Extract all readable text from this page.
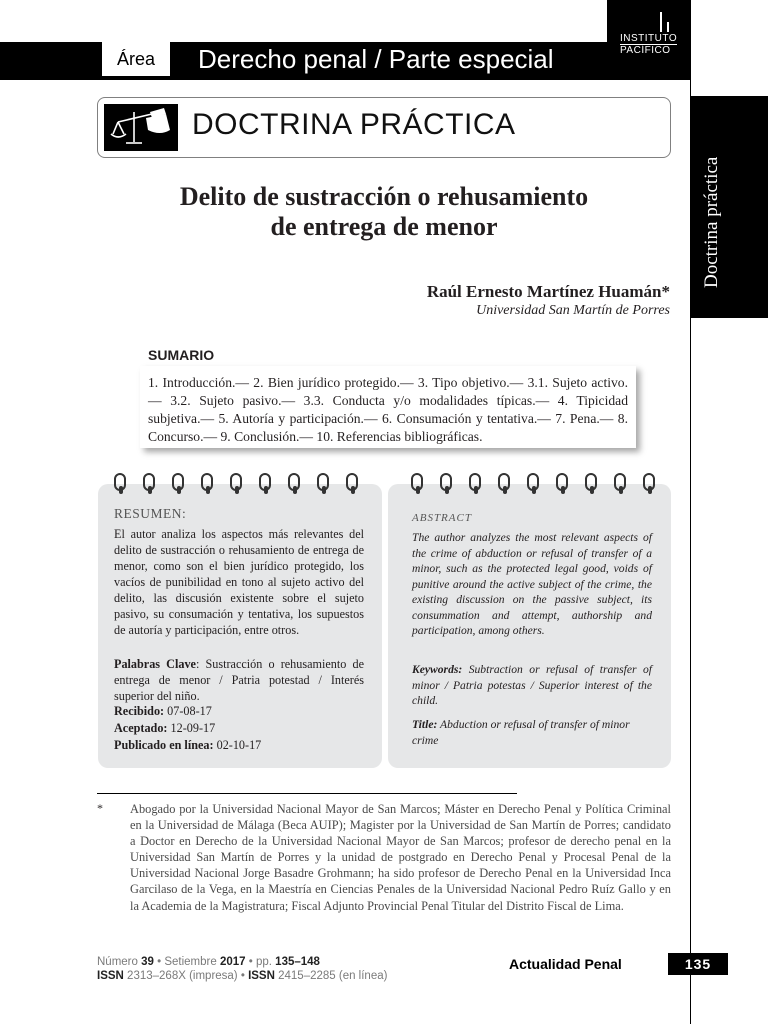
Área	Derecho penal / Parte especial
INSTITUTO
PACÍFICO
Doctrina práctica
DOCTRINA PRÁCTICA
Delito de sustracción o rehusamiento
de entrega de menor
Raúl Ernesto Martínez Huamán*
Universidad San Martín de Porres
SUMARIO
1. Introducción.— 2. Bien jurídico protegido.— 3. Tipo objetivo.— 3.1. Sujeto activo.— 3.2. Sujeto pasivo.— 3.3. Conducta y/o modalidades típicas.— 4. Tipicidad subjetiva.— 5. Autoría y participación.— 6. Consumación y tentativa.— 7. Pena.— 8. Concurso.— 9. Conclusión.— 10. Referencias bibliográficas.
RESUMEN:
El autor analiza los aspectos más relevantes del delito de sustracción o rehusamiento de entrega de menor, como son el bien jurídico protegido, los vacíos de punibilidad en tono al sujeto activo del delito, las discusión existente sobre el sujeto pasivo, su consumación y tentativa, los supuestos de autoría y participación, entre otros.
Palabras Clave: Sustracción o rehusamiento de entrega de menor / Patria potestad / Interés superior del niño.
Recibido: 07-08-17
Aceptado: 12-09-17
Publicado en línea: 02-10-17
ABSTRACT
The author analyzes the most relevant aspects of the crime of abduction or refusal of transfer of a minor, such as the protected legal good, voids of punitive around the active subject of the crime, the existing discussion on the passive subject, its consummation and attempt, authorship and participation, among others.
Keywords: Subtraction or refusal of transfer of minor / Patria potestas / Superior interest of the child.
Title: Abduction or refusal of transfer of minor crime
* Abogado por la Universidad Nacional Mayor de San Marcos; Máster en Derecho Penal y Política Criminal en la Universidad de Málaga (Beca AUIP); Magister por la Universidad de San Martín de Porres; candidato a Doctor en Derecho de la Universidad Nacional Mayor de San Marcos; profesor de derecho penal en la Universidad San Martín de Porres y la unidad de postgrado en Derecho Penal y Procesal Penal de la Universidad Nacional Jorge Basadre Grohmann; ha sido profesor de Derecho Penal en la Universidad Inca Garcilaso de la Vega, en la Maestría en Ciencias Penales de la Universidad Nacional Pedro Ruíz Gallo y en la Academia de la Magistratura; Fiscal Adjunto Provincial Penal Titular del Distrito Fiscal de Lima.
Número 39 • Setiembre 2017 • pp. 135–148
ISSN 2313–268X (impresa) • ISSN 2415–2285 (en línea)
Actualidad Penal	135
